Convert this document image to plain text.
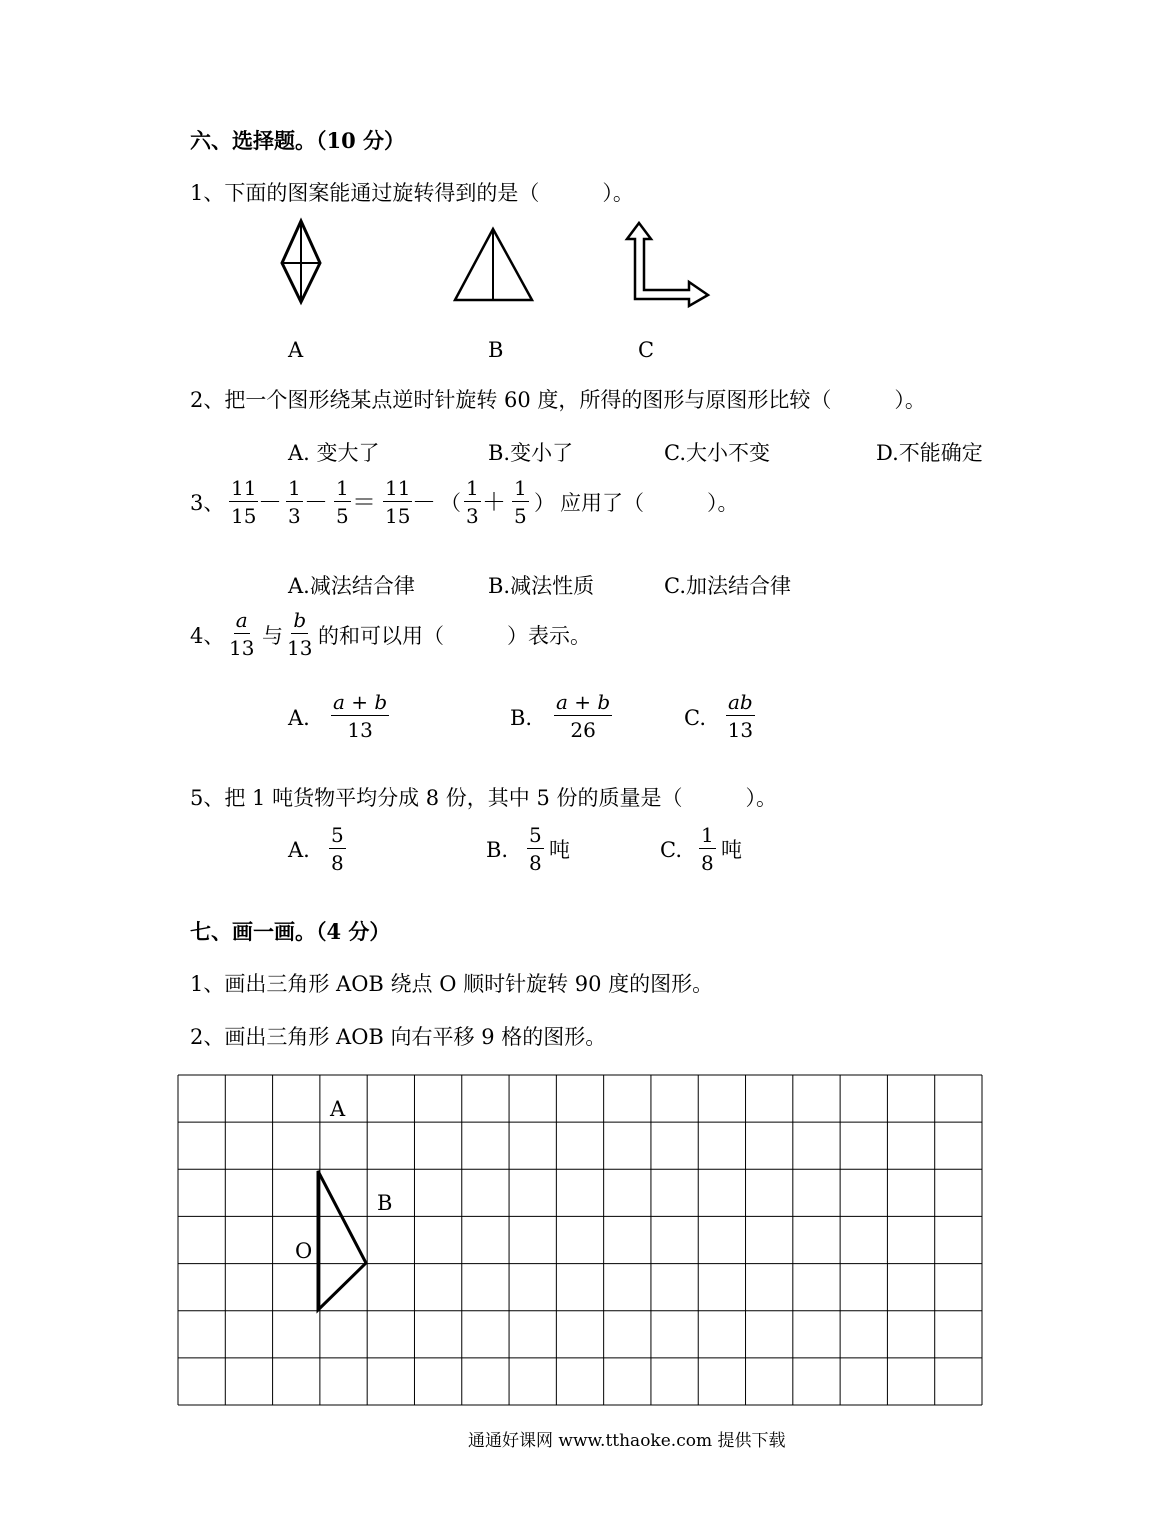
六、选择题。（10 分）
1、下面的图案能通过旋转得到的是（　　　）。
A	B	C
2、把一个图形绕某点逆时针旋转 60 度，所得的图形与原图形比较（　　　）。
A. 变大了	B.变小了	C.大小不变	D.不能确定
3、 $\frac{11}{15} - \frac{1}{3} - \frac{1}{5} = \frac{11}{15}$ － （ $\frac{1}{3} + \frac{1}{5}$ ） 应用了（　　　）。
A.减法结合律	B.减法性质	C.加法结合律
4、 $\frac{a}{13}$ 与 $\frac{b}{13}$ 的和可以用（　　　）表示。
A. $\frac{a + b}{13}$	B. $\frac{a + b}{26}$	C. $\frac{ab}{13}$
5、把 1 吨货物平均分成 8 份，其中 5 份的质量是（　　　）。
A. $\frac{5}{8}$	B. $\frac{5}{8}$ 吨	C. $\frac{1}{8}$ 吨
七、画一画。（4 分）
1、画出三角形 AOB 绕点 O 顺时针旋转 90 度的图形。
2、画出三角形 AOB 向右平移 9 格的图形。
A
B
O
通通好课网 www.tthaoke.com 提供下载
